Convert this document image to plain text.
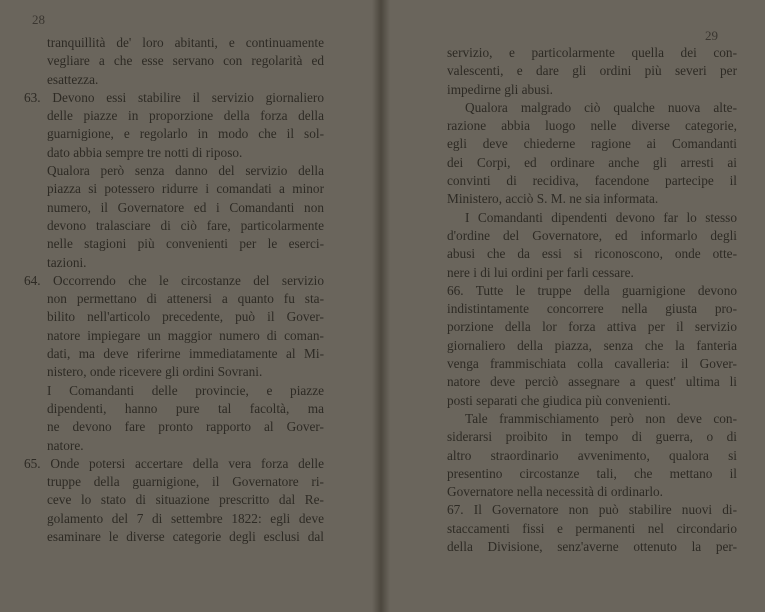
28
tranquillità de' loro abitanti, e continuamente
vegliare a che esse servano con regolarità ed
esattezza.
63. Devono essi stabilire il servizio giornaliero
delle piazze in proporzione della forza della
guarnigione, e regolarlo in modo che il sol-
dato abbia sempre tre notti di riposo.
Qualora però senza danno del servizio della
piazza si potessero ridurre i comandati a minor
numero, il Governatore ed i Comandanti non
devono tralasciare di ciò fare, particolarmente
nelle stagioni più convenienti per le eserci-
tazioni.
64. Occorrendo che le circostanze del servizio
non permettano di attenersi a quanto fu sta-
bilito nell'articolo precedente, può il Gover-
natore impiegare un maggior numero di coman-
dati, ma deve riferirne immediatamente al Mi-
nistero, onde ricevere gli ordini Sovrani.
I Comandanti delle provincie, e piazze
dipendenti, hanno pure tal facoltà, ma
ne devono fare pronto rapporto al Gover-
natore.
65. Onde potersi accertare della vera forza delle
truppe della guarnigione, il Governatore ri-
ceve lo stato di situazione prescritto dal Re-
golamento del 7 di settembre 1822: egli deve
esaminare le diverse categorie degli esclusi dal
29
servizio, e particolarmente quella dei con-
valescenti, e dare gli ordini più severi per
impedirne gli abusi.
Qualora malgrado ciò qualche nuova alte-
razione abbia luogo nelle diverse categorie,
egli deve chiederne ragione ai Comandanti
dei Corpi, ed ordinare anche gli arresti ai
convinti di recidiva, facendone partecipe il
Ministero, acciò S. M. ne sia informata.
I Comandanti dipendenti devono far lo stesso
d'ordine del Governatore, ed informarlo degli
abusi che da essi si riconoscono, onde otte-
nere i di lui ordini per farli cessare.
66. Tutte le truppe della guarnigione devono
indistintamente concorrere nella giusta pro-
porzione della lor forza attiva per il servizio
giornaliero della piazza, senza che la fanteria
venga frammischiata colla cavalleria: il Gover-
natore deve perciò assegnare a quest' ultima li
posti separati che giudica più convenienti.
Tale frammischiamento però non deve con-
siderarsi proibito in tempo di guerra, o di
altro straordinario avvenimento, qualora si
presentino circostanze tali, che mettano il
Governatore nella necessità di ordinarlo.
67. Il Governatore non può stabilire nuovi di-
staccamenti fissi e permanenti nel circondario
della Divisione, senz'averne ottenuto la per-
